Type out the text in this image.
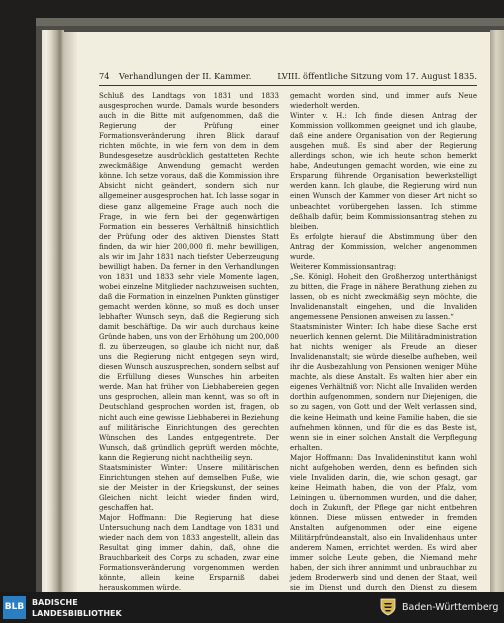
74 Verhandlungen der II. Kammer.	LVIII. öffentliche Sitzung vom 17. August 1835.

Schluß des Landtags von 1831 und 1833 ausgesprochen wurde. Damals wurde besonders auch in die Bitte mit aufgenommen, daß die Regierung der Prüfung einer Formationsveränderung ihren Blick darauf richten möchte, in wie fern von dem in dem Bundesgesetze ausdrücklich gestatteten Rechte zweckmäßige Anwendung gemacht werden könne. Ich setze voraus, daß die Kommission ihre Absicht nicht geändert, sondern sich nur allgemeiner ausgesprochen hat. Ich lasse sogar in diese ganz allgemeine Frage auch noch die Frage, in wie fern bei der gegenwärtigen Formation ein besseres Verhältniß hinsichtlich der Prüfung oder des aktiven Dienstes Statt finden, da wir hier 200,000 fl. mehr bewilligen, als wir im Jahr 1831 nach tiefster Ueberzeugung bewilligt haben. Da ferner in den Verhandlungen von 1831 und 1833 sehr viele Momente lagen, wobei einzelne Mitglieder nachzuweisen suchten, daß die Formation in einzelnen Punkten günstiger gemacht werden könne, so muß es doch unser lebhafter Wunsch seyn, daß die Regierung sich damit beschäftige. Da wir auch durchaus keine Gründe haben, uns von der Erhöhung um 200,000 fl. zu überzeugen, so glaube ich nicht nur, daß uns die Regierung nicht entgegen seyn wird, diesen Wunsch auszusprechen, sondern selbst auf die Erfüllung dieses Wunsches hin arbeiten werde. Man hat früher von Liebhabereien gegen uns gesprochen, allein man kennt, was so oft in Deutschland gesprochen worden ist, fragen, ob nicht auch eine gewisse Liebhaberei in Beziehung auf militärische Einrichtungen des gerechten Wünschen des Landes entgegentrete. Der Wunsch, daß gründlich geprüft werden möchte, kann die Regierung nicht nachtheilig seyn.

Staatsminister Winter: Unsere militärischen Einrichtungen stehen auf demselben Fuße, wie sie der Meister in der Kriegskunst, der seines Gleichen nicht leicht wieder finden wird, geschaffen hat.

Major Hoffmann: Die Regierung hat diese Untersuchung nach dem Landtage von 1831 und wieder nach dem von 1833 angestellt, allein das Resultat ging immer dahin, daß, ohne die Brauchbarkeit des Corps zu schaden, zwar eine Formationsveränderung vorgenommen werden könnte, allein keine Ersparniß dabei herauskommen würde.

gemacht worden sind, und immer aufs Neue wiederholt werden.

Winter v. H.: Ich finde diesen Antrag der Kommission vollkommen geeignet und ich glaube, daß eine andere Organisation von der Regierung ausgehen muß. Es sind aber der Regierung allerdings schon, wie ich heute schon bemerkt habe, Andeutungen gemacht worden, wie eine zu Ersparung führende Organisation bewerkstelligt werden kann. Ich glaube, die Regierung wird nun einen Wunsch der Kammer von dieser Art nicht so unbeachtet vorübergehen lassen. Ich stimme deßhalb dafür, beim Kommissionsantrag stehen zu bleiben.

Es erfolgte hierauf die Abstimmung über den Antrag der Kommission, welcher angenommen wurde.

Weiterer Kommissionsantrag:

„Se. Königl. Hoheit den Großherzog unterthänigst zu bitten, die Frage in nähere Berathung ziehen zu lassen, ob es nicht zweckmäßig seyn möchte, die Invalidenanstalt eingehen, und die Invaliden angemessene Pensionen anweisen zu lassen.“

Staatsminister Winter: Ich habe diese Sache erst neuerlich kennen gelernt. Die Militäradministration hat nichts weniger als Freude an dieser Invalidenanstalt; sie würde dieselbe aufheben, weil ihr die Ausbezahlung von Pensionen weniger Mühe machte, als diese Anstalt. Es walten hier aber ein eigenes Verhältniß vor: Nicht alle Invaliden werden dorthin aufgenommen, sondern nur Diejenigen, die so zu sagen, von Gott und der Welt verlassen sind, die keine Heimath und keine Familie haben, die sie aufnehmen können, und für die es das Beste ist, wenn sie in einer solchen Anstalt die Verpflegung erhalten.

Major Hoffmann: Das Invalideninstitut kann wohl nicht aufgehoben werden, denn es befinden sich viele Invaliden darin, die, wie schon gesagt, gar keine Heimath haben, die von der Pfalz, vom Leiningen u. übernommen wurden, und die daher, doch in Zukunft, der Pflege gar nicht entbehren können. Diese müssen entweder in fremden Anstalten aufgenommen oder eine eigene Militärpfründeanstalt, also ein Invalidenhaus unter anderem Namen, errichtet werden. Es wird aber immer solche Leute geben, die Niemand mehr haben, der sich ihrer annimmt und unbrauchbar zu jedem Broderwerb sind und denen der Staat, weil sie im Dienst und durch den Dienst zu diesem

BLB BADISCHE
LANDESBIBLIOTHEK
Baden-Württemberg
